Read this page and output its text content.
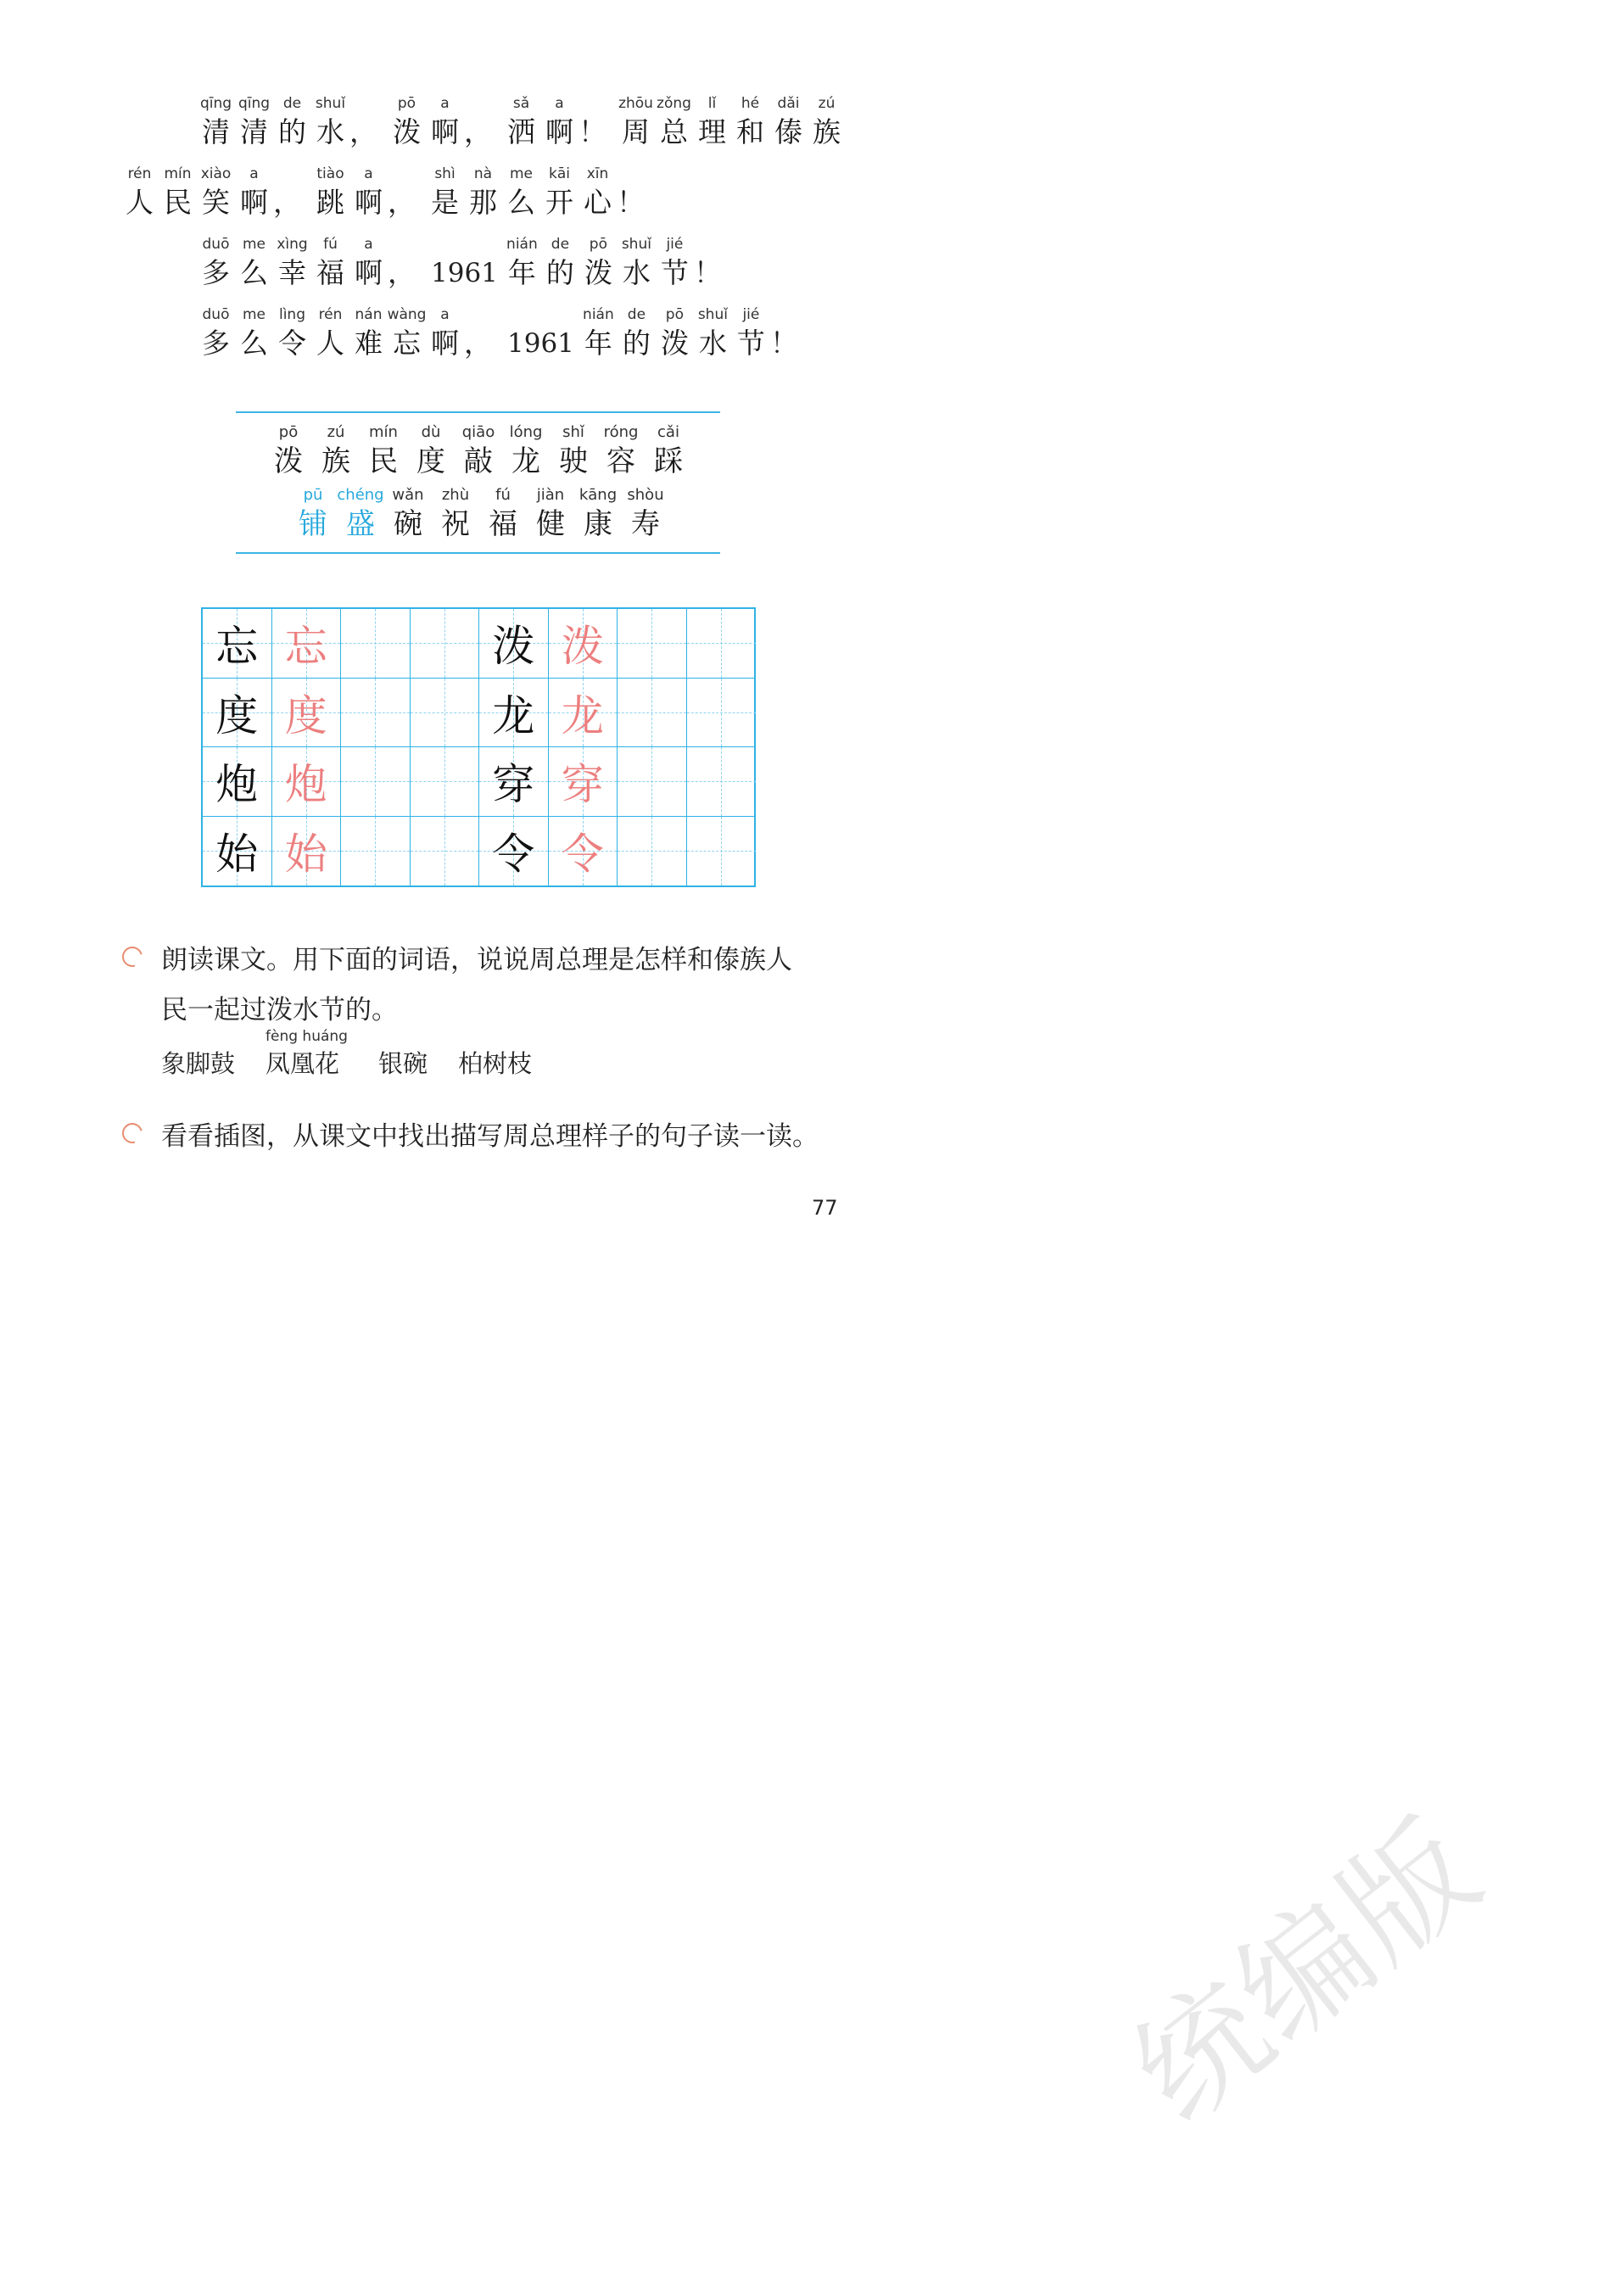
统编版
qīng
清
qīng
清
de
的
shuǐ
水 ，
pō
泼
a
啊 ，
sǎ
洒
a
啊 ！
zhōu
周
zǒng
总
lǐ
理
hé
和
dǎi
傣
zú
族
rén
人
mín
民
xiào
笑
a
啊 ，
tiào
跳
a
啊 ，
shì
是
nà
那
me
么
kāi
开
xīn
心 ！
duō
多
me
么
xìng
幸
fú
福
a
啊 ， 1961
nián
年
de
的
pō
泼
shuǐ
水
jié
节 ！
duō
多
me
么
lìng
令
rén
人
nán
难
wàng
忘
a
啊 ， 1961
nián
年
de
的
pō
泼
shuǐ
水
jié
节 ！
pō
泼
zú
族
mín
民
dù
度
qiāo
敲
lóng
龙
shǐ
驶
róng
容
cǎi
踩
pū
铺
chéng
盛
wǎn
碗
zhù
祝
fú
福
jiàn
健
kāng
康
shòu
寿
忘 忘	泼 泼
度 度	龙 龙
炮 炮	穿 穿
始 始	令 令
朗读课文。用下面的词语，说说周总理是怎样和傣族人
民一起过泼水节的。
象脚鼓
fèng huáng
凤凰花	银碗 柏树枝
看看插图，从课文中找出描写周总理样子的句子读一读。
77
